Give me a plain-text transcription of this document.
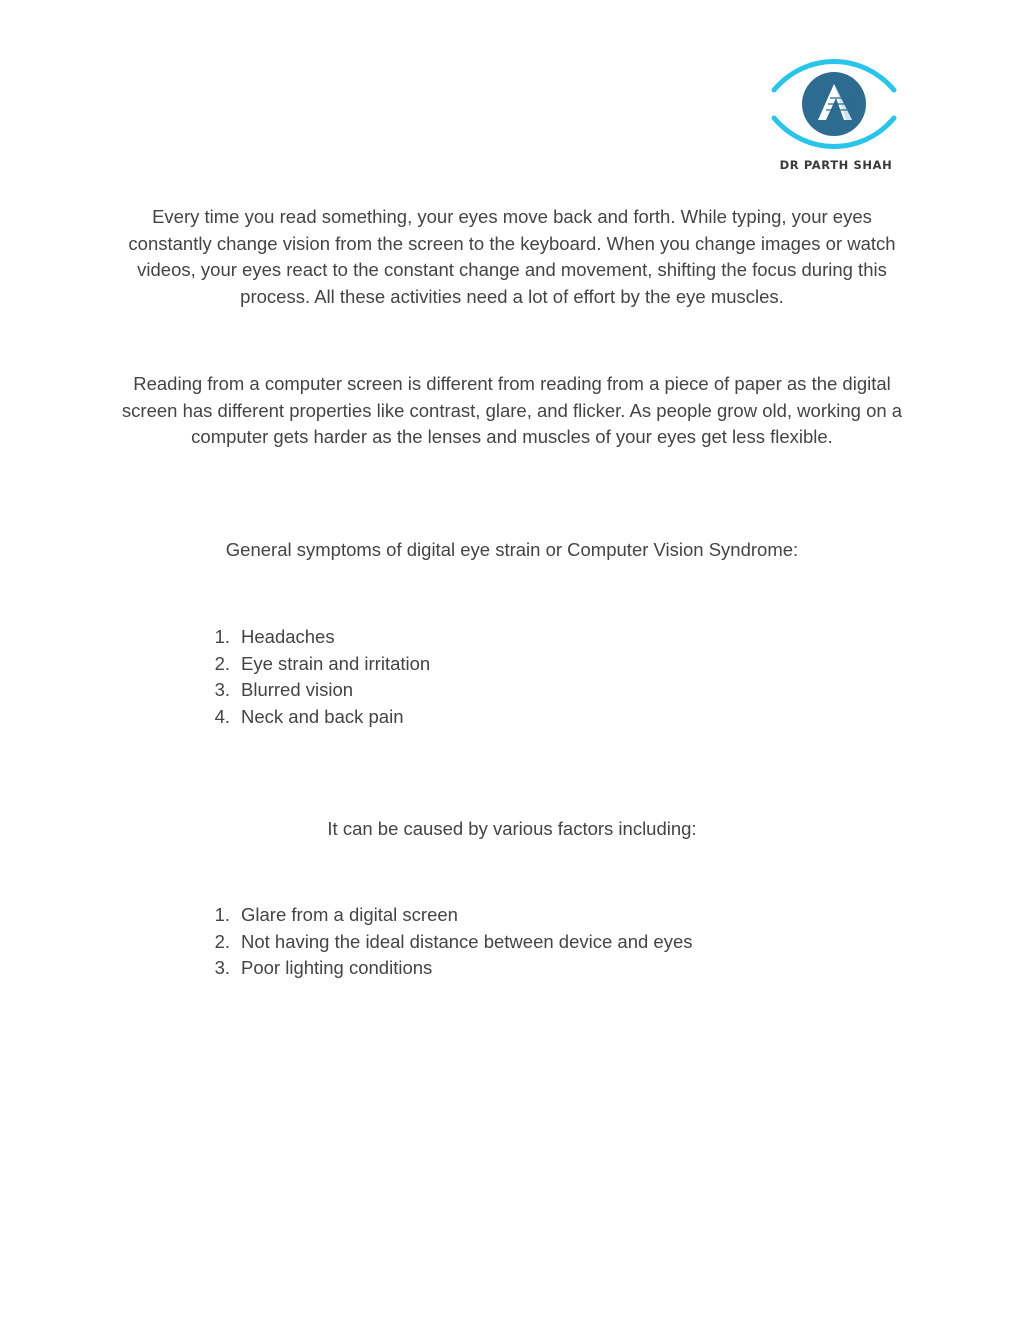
DR PARTH SHAH

Every time you read something, your eyes move back and forth. While typing, your eyes constantly change vision from the screen to the keyboard. When you change images or watch videos, your eyes react to the constant change and movement, shifting the focus during this process. All these activities need a lot of effort by the eye muscles.

Reading from a computer screen is different from reading from a piece of paper as the digital screen has different properties like contrast, glare, and flicker. As people grow old, working on a computer gets harder as the lenses and muscles of your eyes get less flexible.

General symptoms of digital eye strain or Computer Vision Syndrome:

1. Headaches
2. Eye strain and irritation
3. Blurred vision
4. Neck and back pain

It can be caused by various factors including:

1. Glare from a digital screen
2. Not having the ideal distance between device and eyes
3. Poor lighting conditions
